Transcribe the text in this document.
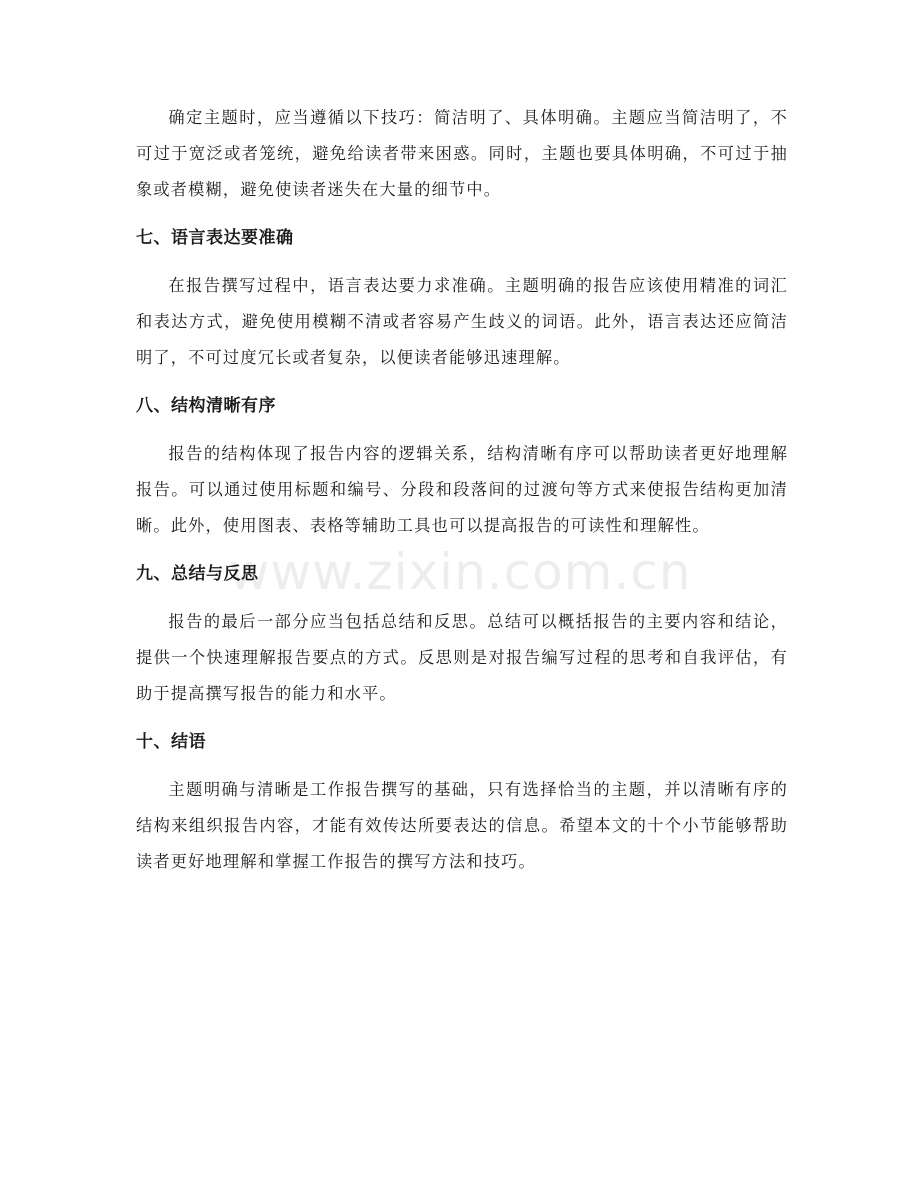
确定主题时，应当遵循以下技巧：简洁明了、具体明确。主题应当简洁明了，不可过于宽泛或者笼统，避免给读者带来困惑。同时，主题也要具体明确，不可过于抽象或者模糊，避免使读者迷失在大量的细节中。

七、语言表达要准确

在报告撰写过程中，语言表达要力求准确。主题明确的报告应该使用精准的词汇和表达方式，避免使用模糊不清或者容易产生歧义的词语。此外，语言表达还应简洁明了，不可过度冗长或者复杂，以便读者能够迅速理解。

八、结构清晰有序

报告的结构体现了报告内容的逻辑关系，结构清晰有序可以帮助读者更好地理解报告。可以通过使用标题和编号、分段和段落间的过渡句等方式来使报告结构更加清晰。此外，使用图表、表格等辅助工具也可以提高报告的可读性和理解性。

九、总结与反思

报告的最后一部分应当包括总结和反思。总结可以概括报告的主要内容和结论，提供一个快速理解报告要点的方式。反思则是对报告编写过程的思考和自我评估，有助于提高撰写报告的能力和水平。

十、结语

主题明确与清晰是工作报告撰写的基础，只有选择恰当的主题，并以清晰有序的结构来组织报告内容，才能有效传达所要表达的信息。希望本文的十个小节能够帮助读者更好地理解和掌握工作报告的撰写方法和技巧。

www.zixin.com.cn
